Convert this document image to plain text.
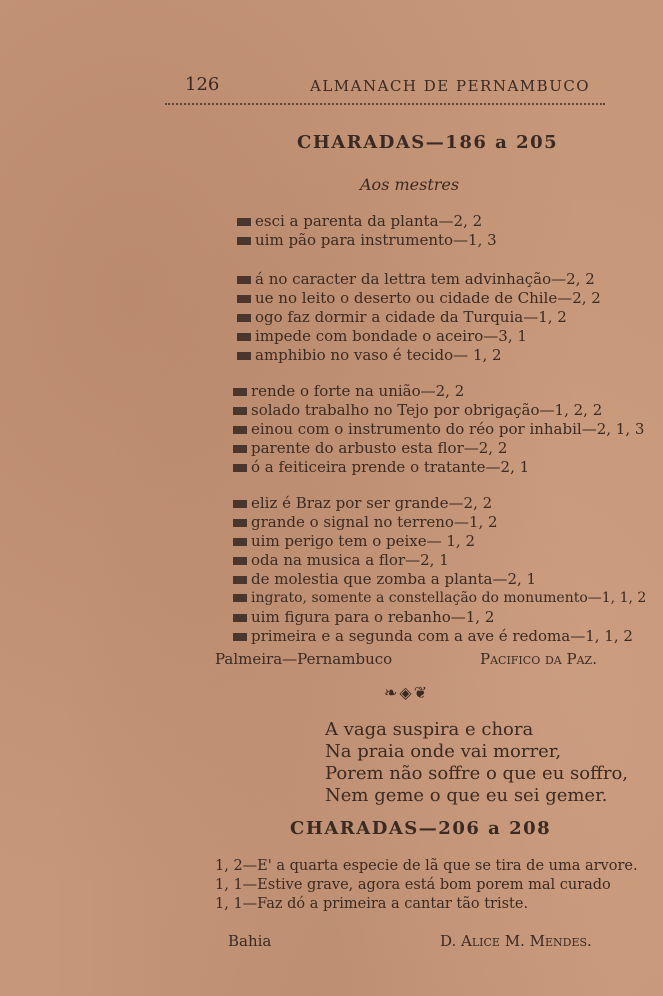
126	ALMANACH DE PERNAMBUCO
CHARADAS—186 a 205
Aos mestres
esci a parenta da planta—2, 2
uim pão para instrumento—1, 3
á no caracter da lettra tem advinhação—2, 2
ue no leito o deserto ou cidade de Chile—2, 2
ogo faz dormir a cidade da Turquia—1, 2
impede com bondade o aceiro—3, 1
amphibio no vaso é tecido— 1, 2
rende o forte na união—2, 2
solado trabalho no Tejo por obrigação—1, 2, 2
einou com o instrumento do réo por inhabil—2, 1, 3
parente do arbusto esta flor—2, 2
ó a feiticeira prende o tratante—2, 1
eliz é Braz por ser grande—2, 2
grande o signal no terreno—1, 2
uim perigo tem o peixe— 1, 2
oda na musica a flor—2, 1
de molestia que zomba a planta—2, 1
ingrato, somente a constellação do monumento—1, 1, 2
uim figura para o rebanho—1, 2
primeira e a segunda com a ave é redoma—1, 1, 2
Palmeira—Pernambuco	Pacifico da Paz.
❧◈❦
A vaga suspira e chora
Na praia onde vai morrer,
Porem não soffre o que eu soffro,
Nem geme o que eu sei gemer.
CHARADAS—206 a 208
1, 2—E' a quarta especie de lã que se tira de uma arvore.
1, 1—Estive grave, agora está bom porem mal curado
1, 1—Faz dó a primeira a cantar tão triste.
Bahia	D. Alice M. Mendes.
